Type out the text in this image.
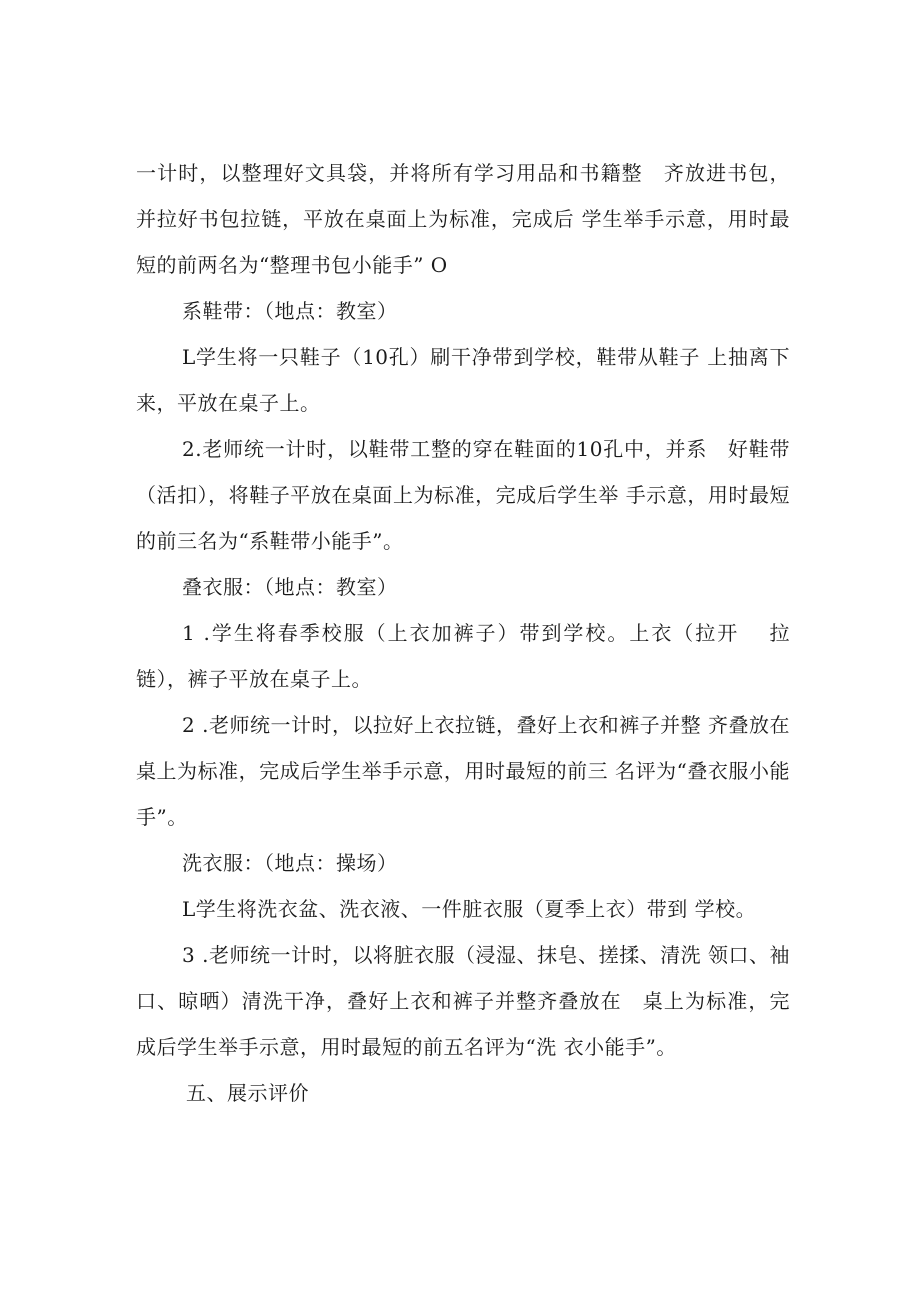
一计时，以整理好文具袋，并将所有学习用品和书籍整　齐放进书包，并拉好书包拉链，平放在桌面上为标准，完成后 学生举手示意，用时最短的前两名为“整理书包小能手” O

系鞋带：（地点：教室）

L学生将一只鞋子（10孔）刷干净带到学校，鞋带从鞋子 上抽离下来，平放在桌子上。

2.老师统一计时，以鞋带工整的穿在鞋面的10孔中，并系　好鞋带（活扣），将鞋子平放在桌面上为标准，完成后学生举 手示意，用时最短的前三名为“系鞋带小能手”。

叠衣服：（地点：教室）

1 .学生将春季校服（上衣加裤子）带到学校。上衣（拉开　 拉链），裤子平放在桌子上。

2 .老师统一计时，以拉好上衣拉链，叠好上衣和裤子并整 齐叠放在桌上为标准，完成后学生举手示意，用时最短的前三 名评为“叠衣服小能手”。

洗衣服：（地点：操场）

L学生将洗衣盆、洗衣液、一件脏衣服（夏季上衣）带到 学校。

3 .老师统一计时，以将脏衣服（浸湿、抹皂、搓揉、清洗 领口、袖口、晾晒）清洗干净，叠好上衣和裤子并整齐叠放在　桌上为标准，完成后学生举手示意，用时最短的前五名评为“洗 衣小能手”。

五、展示评价
